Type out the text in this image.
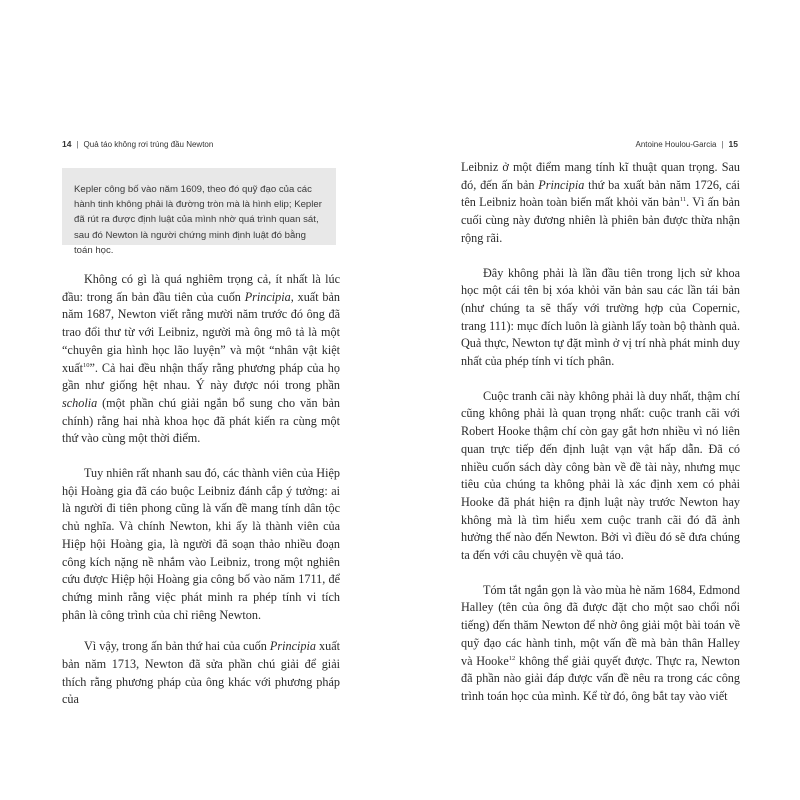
14 | Quả táo không rơi trúng đầu Newton
Kepler công bố vào năm 1609, theo đó quỹ đạo của các hành tinh không phải là đường tròn mà là hình elip; Kepler đã rút ra được định luật của mình nhờ quá trình quan sát, sau đó Newton là người chứng minh định luật đó bằng toán học.

Không có gì là quá nghiêm trọng cả, ít nhất là lúc đầu: trong ấn bản đầu tiên của cuốn Principia, xuất bản năm 1687, Newton viết rằng mười năm trước đó ông đã trao đổi thư từ với Leibniz, người mà ông mô tả là một “chuyên gia hình học lão luyện” và một “nhân vật kiệt xuất$^{10}$”. Cả hai đều nhận thấy rằng phương pháp của họ gần như giống hệt nhau. Ý này được nói trong phần scholia (một phần chú giải ngắn bổ sung cho văn bản chính) rằng hai nhà khoa học đã phát kiến ra cùng một thứ vào cùng một thời điểm.

Tuy nhiên rất nhanh sau đó, các thành viên của Hiệp hội Hoàng gia đã cáo buộc Leibniz đánh cắp ý tưởng: ai là người đi tiên phong cũng là vấn đề mang tính dân tộc chủ nghĩa. Và chính Newton, khi ấy là thành viên của Hiệp hội Hoàng gia, là người đã soạn thảo nhiều đoạn công kích nặng nề nhắm vào Leibniz, trong một nghiên cứu được Hiệp hội Hoàng gia công bố vào năm 1711, để chứng minh rằng việc phát minh ra phép tính vi tích phân là công trình của chỉ riêng Newton.

Vì vậy, trong ấn bản thứ hai của cuốn Principia xuất bản năm 1713, Newton đã sửa phần chú giải để giải thích rằng phương pháp của ông khác với phương pháp của

Antoine Houlou-Garcia | 15

Leibniz ở một điểm mang tính kĩ thuật quan trọng. Sau đó, đến ấn bản Principia thứ ba xuất bản năm 1726, cái tên Leibniz hoàn toàn biến mất khỏi văn bản$^{11}$. Vì ấn bản cuối cùng này đương nhiên là phiên bản được thừa nhận rộng rãi.

Đây không phải là lần đầu tiên trong lịch sử khoa học một cái tên bị xóa khỏi văn bản sau các lần tái bản (như chúng ta sẽ thấy với trường hợp của Copernic, trang 111): mục đích luôn là giành lấy toàn bộ thành quả. Quả thực, Newton tự đặt mình ở vị trí nhà phát minh duy nhất của phép tính vi tích phân.

Cuộc tranh cãi này không phải là duy nhất, thậm chí cũng không phải là quan trọng nhất: cuộc tranh cãi với Robert Hooke thậm chí còn gay gắt hơn nhiều vì nó liên quan trực tiếp đến định luật vạn vật hấp dẫn. Đã có nhiều cuốn sách dày công bàn về đề tài này, nhưng mục tiêu của chúng ta không phải là xác định xem có phải Hooke đã phát hiện ra định luật này trước Newton hay không mà là tìm hiểu xem cuộc tranh cãi đó đã ảnh hưởng thế nào đến Newton. Bởi vì điều đó sẽ đưa chúng ta đến với câu chuyện về quả táo.

Tóm tắt ngắn gọn là vào mùa hè năm 1684, Edmond Halley (tên của ông đã được đặt cho một sao chổi nổi tiếng) đến thăm Newton để nhờ ông giải một bài toán về quỹ đạo các hành tinh, một vấn đề mà bản thân Halley và Hooke$^{12}$ không thể giải quyết được. Thực ra, Newton đã phần nào giải đáp được vấn đề nêu ra trong các công trình toán học của mình. Kể từ đó, ông bắt tay vào viết
